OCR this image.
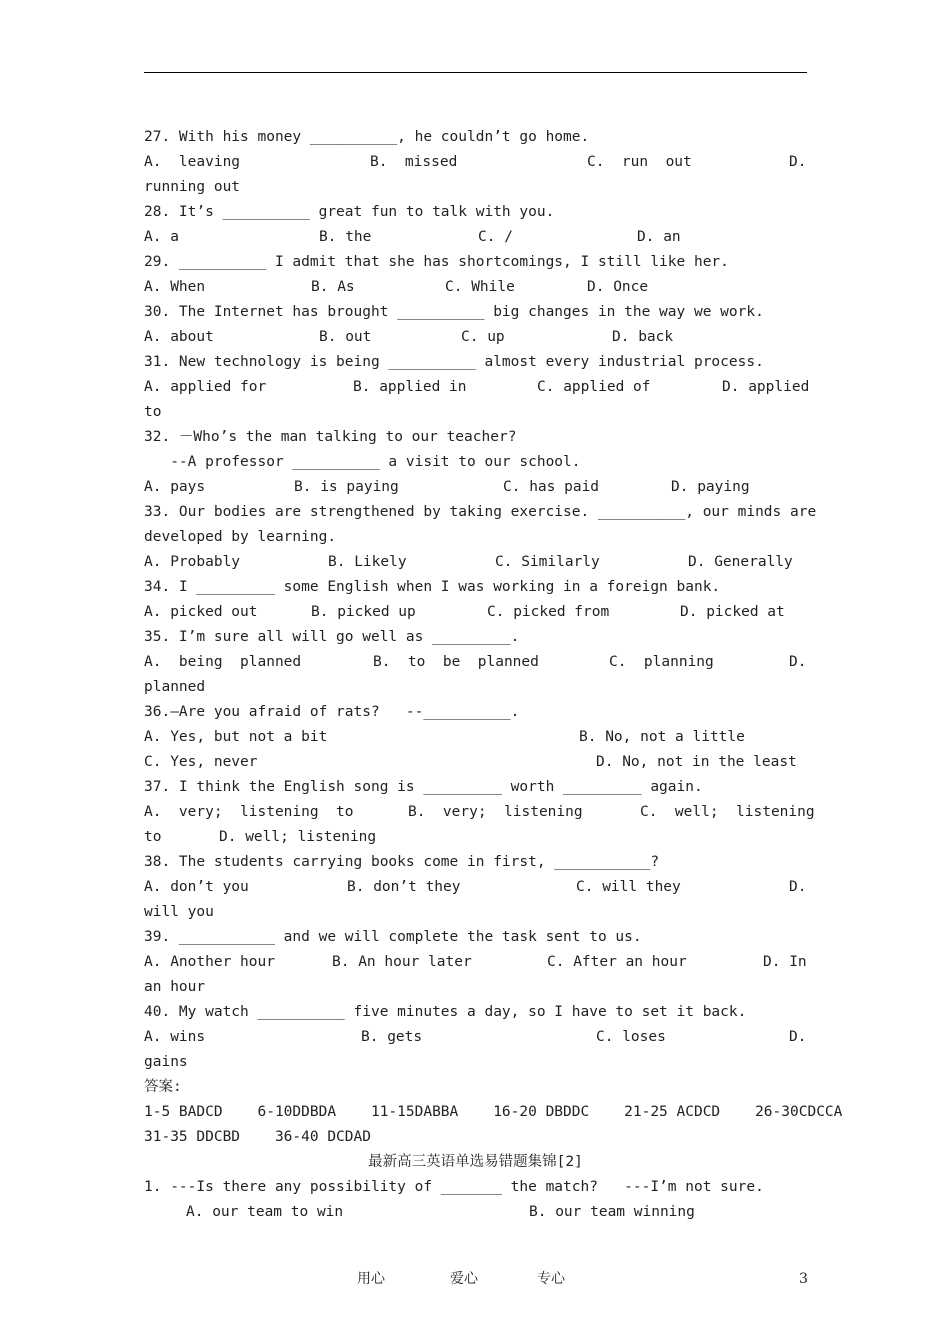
27. With his money __________, he couldn’t go home.

A.  leaving

	B.  missed

	C.  run  out

	D.

running out
28. It’s __________ great fun to talk with you.

A. a

	B. the

	C. /

	D. an

29. __________ I admit that she has shortcomings, I still like her.

A. When

	B. As

	C. While

	D. Once

30. The Internet has brought __________ big changes in the way we work.

A. about

	B. out

	C. up

	D. back

31. New technology is being __________ almost every industrial process.

A. applied for

	B. applied in

	C. applied of

	D. applied

to
32. －Who’s the man talking to our teacher?
--A professor __________ a visit to our school.

A. pays

	B. is paying

	C. has paid

	D. paying

33. Our bodies are strengthened by taking exercise. __________, our minds are
developed by learning.

A. Probably

	B. Likely

	C. Similarly

	D. Generally

34. I _________ some English when I was working in a foreign bank.

A. picked out

	B. picked up

	C. picked from

	D. picked at

35. I’m sure all will go well as _________.

A.  being  planned

	B.  to  be  planned

	C.  planning

	D.

planned
36.—Are you afraid of rats?   --__________.

A. Yes, but not a bit

	B. No, not a little

C. Yes, never

	D. No, not in the least

37. I think the English song is _________ worth _________ again.

A.  very;  listening  to

	B.  very;  listening

	C.  well;  listening

to

	D. well; listening

38. The students carrying books come in first, ___________?

A. don’t you

	B. don’t they

	C. will they

	D.

will you
39. ___________ and we will complete the task sent to us.

A. Another hour

	B. An hour later

	C. After an hour

	D. In

an hour
40. My watch __________ five minutes a day, so I have to set it back.

A. wins

	B. gets

	C. loses

	D.

gains
答案:
1-5 BADCD    6-10DDBDA    11-15DABBA    16-20 DBDDC    21-25 ACDCD    26-30CDCCA
31-35 DDCBD    36-40 DCDAD

最新高三英语单选易错题集锦[2]

1. ---Is there any possibility of _______ the match?   ---I’m not sure.

A. our team to win

	B. our team winning

用心	爱心	专心	3
